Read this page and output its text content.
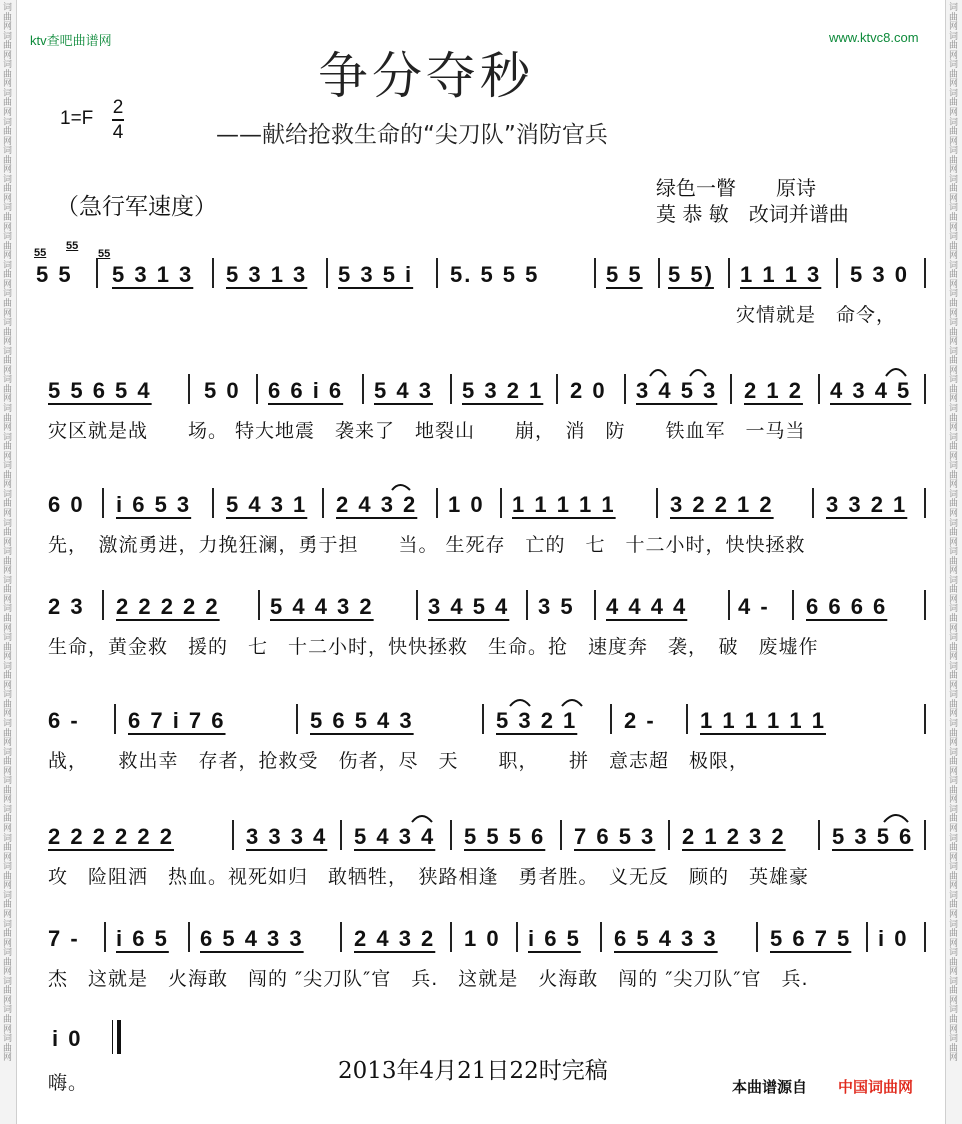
词曲网词曲网词曲网词曲网词曲网词曲网词曲网词曲网词曲网词曲网词曲网词曲网词曲网词曲网词曲网词曲网词曲网词曲网词曲网词曲网词曲网词曲网词曲网词曲网词曲网词曲网词曲网词曲网词曲网词曲网词曲网词曲网词曲网词曲网词曲网词曲网词曲网
词曲网词曲网词曲网词曲网词曲网词曲网词曲网词曲网词曲网词曲网词曲网词曲网词曲网词曲网词曲网词曲网词曲网词曲网词曲网词曲网词曲网词曲网词曲网词曲网词曲网词曲网词曲网词曲网词曲网词曲网词曲网词曲网词曲网词曲网词曲网词曲网词曲网
ktv查吧曲谱网	www.ktvc8.com
争分夺秒
1=F
2
4	——献给抢救生命的“尖刀队”消防官兵
（急行军速度）
绿色一瞥　　原诗
莫 恭 敏　改词并谱曲
55
55
55
5 5 5 3 1 3 5 3 1 3 5 3 5 i 5. 5 5 5	5 5 5 5) 1 1 1 3 5 3 0
灾情就是　命令，
5 5 6 5 4 5 0 6 6 i 6 5 4 3 5 3 2 1 2 0 3 4 5 3 2 1 2 4 3 4 5
灾区就是战　　场。 特大地震　袭来了　地裂山　　崩，　消　防　　铁血军　一马当
6 0 i 6 5 3 5 4 3 1 2 4 3 2 1 0 1 1 1 1 1 3 2 2 1 2 3 3 2 1
先，　激流勇进，力挽狂澜，勇于担　　当。 生死存　亡的　七　十二小时，快快拯救
2 3 2 2 2 2 2 5 4 4 3 2 3 4 5 4 3 5 4 4 4 4 4 - 6 6 6 6
生命，黄金救　援的　七　十二小时，快快拯救　生命。抢　速度奔　袭，　破　废墟作
6 - 6 7 i 7 6	5 6 5 4 3	5 3 2 1 2 - 1 1 1 1 1 1
战，　　救出幸　存者，抢救受　伤者，尽　天　　职，　　拼　意志超　极限，
2 2 2 2 2 2	3 3 3 4 5 4 3 4 5 5 5 6 7 6 5 3 2 1 2 3 2 5 3 5 6
攻　险阻洒　热血。视死如归　敢牺牲，　狭路相逢　勇者胜。　义无反　顾的　英雄豪
7 - i 6 5 6 5 4 3 3 2 4 3 2 1 0 i 6 5 6 5 4 3 3 5 6 7 5 i 0
杰　这就是　火海敢　闯的 ″尖刀队″官　兵.　这就是　火海敢　闯的 ″尖刀队″官　兵.
i 0
嗨。	2013年4月21日22时完稿
本曲谱源自 中国词曲网
